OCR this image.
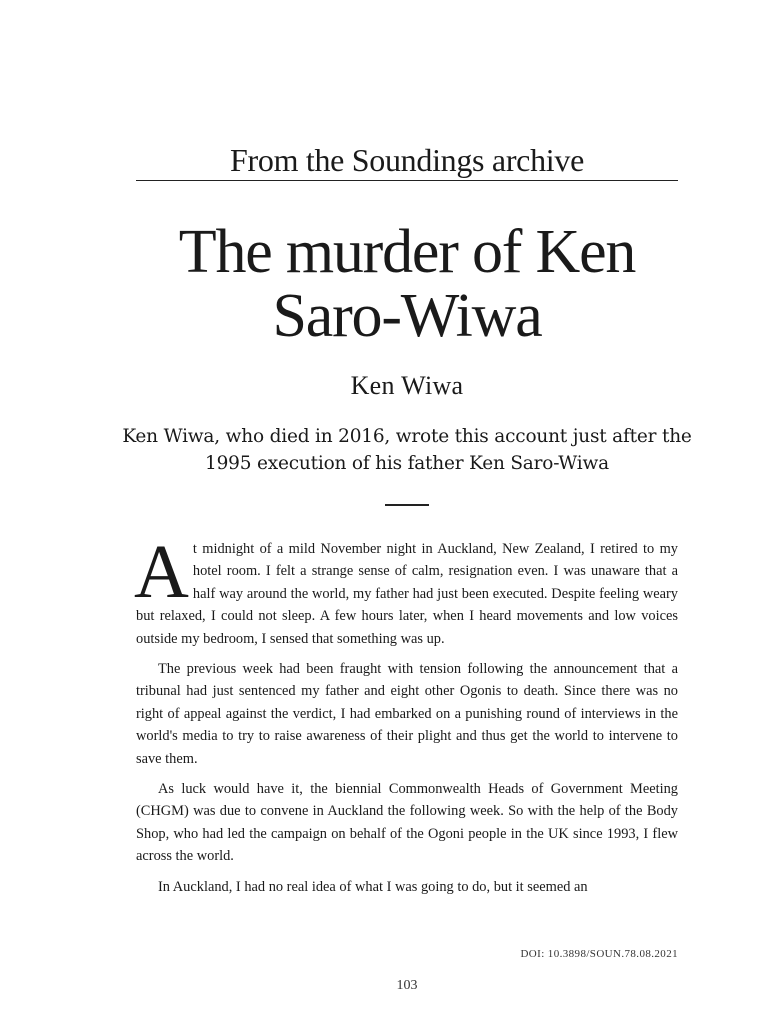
From the Soundings archive
The murder of Ken Saro-Wiwa
Ken Wiwa
Ken Wiwa, who died in 2016, wrote this account just after the 1995 execution of his father Ken Saro-Wiwa

At midnight of a mild November night in Auckland, New Zealand, I retired to my hotel room. I felt a strange sense of calm, resignation even. I was unaware that a half way around the world, my father had just been executed. Despite feeling weary but relaxed, I could not sleep. A few hours later, when I heard movements and low voices outside my bedroom, I sensed that something was up.

The previous week had been fraught with tension following the announcement that a tribunal had just sentenced my father and eight other Ogonis to death. Since there was no right of appeal against the verdict, I had embarked on a punishing round of interviews in the world's media to try to raise awareness of their plight and thus get the world to intervene to save them.

As luck would have it, the biennial Commonwealth Heads of Government Meeting (CHGM) was due to convene in Auckland the following week. So with the help of the Body Shop, who had led the campaign on behalf of the Ogoni people in the UK since 1993, I flew across the world.

In Auckland, I had no real idea of what I was going to do, but it seemed an

DOI: 10.3898/SOUN.78.08.2021
103
